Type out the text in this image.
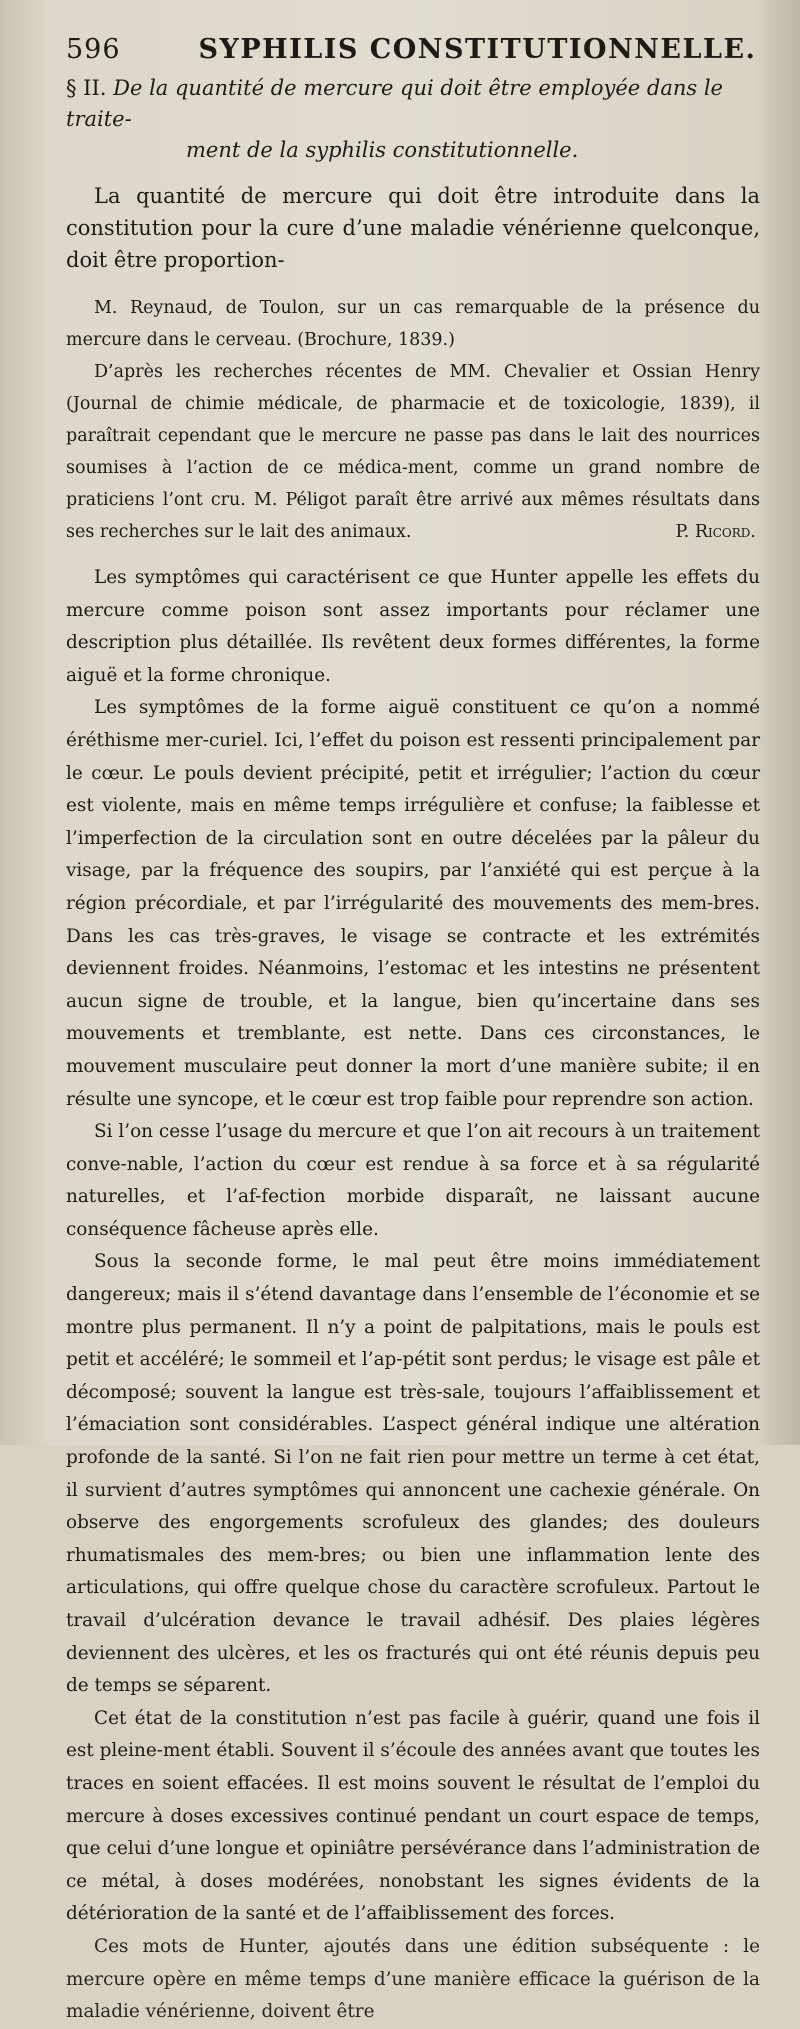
596	SYPHILIS CONSTITUTIONNELLE.
§ II. De la quantité de mercure qui doit être employée dans le traite-
ment de la syphilis constitutionnelle.

La quantité de mercure qui doit être introduite dans la constitution pour la cure d’une maladie vénérienne quelconque, doit être proportion-

M. Reynaud, de Toulon, sur un cas remarquable de la présence du mercure dans le cerveau. (Brochure, 1839.)

D’après les recherches récentes de MM. Chevalier et Ossian Henry (Journal de chimie médicale, de pharmacie et de toxicologie, 1839), il paraîtrait cependant que le mercure ne passe pas dans le lait des nourrices soumises à l’action de ce médica-ment, comme un grand nombre de praticiens l’ont cru. M. Péligot paraît être arrivé aux mêmes résultats dans ses recherches sur le lait des animaux.	P. Ricord.

Les symptômes qui caractérisent ce que Hunter appelle les effets du mercure comme poison sont assez importants pour réclamer une description plus détaillée. Ils revêtent deux formes différentes, la forme aiguë et la forme chronique.

Les symptômes de la forme aiguë constituent ce qu’on a nommé éréthisme mer-curiel. Ici, l’effet du poison est ressenti principalement par le cœur. Le pouls devient précipité, petit et irrégulier; l’action du cœur est violente, mais en même temps irrégulière et confuse; la faiblesse et l’imperfection de la circulation sont en outre décelées par la pâleur du visage, par la fréquence des soupirs, par l’anxiété qui est perçue à la région précordiale, et par l’irrégularité des mouvements des mem-bres. Dans les cas très-graves, le visage se contracte et les extrémités deviennent froides. Néanmoins, l’estomac et les intestins ne présentent aucun signe de trouble, et la langue, bien qu’incertaine dans ses mouvements et tremblante, est nette. Dans ces circonstances, le mouvement musculaire peut donner la mort d’une manière subite; il en résulte une syncope, et le cœur est trop faible pour reprendre son action.

Si l’on cesse l’usage du mercure et que l’on ait recours à un traitement conve-nable, l’action du cœur est rendue à sa force et à sa régularité naturelles, et l’af-fection morbide disparaît, ne laissant aucune conséquence fâcheuse après elle.

Sous la seconde forme, le mal peut être moins immédiatement dangereux; mais il s’étend davantage dans l’ensemble de l’économie et se montre plus permanent. Il n’y a point de palpitations, mais le pouls est petit et accéléré; le sommeil et l’ap-pétit sont perdus; le visage est pâle et décomposé; souvent la langue est très-sale, toujours l’affaiblissement et l’émaciation sont considérables. L’aspect général indique une altération profonde de la santé. Si l’on ne fait rien pour mettre un terme à cet état, il survient d’autres symptômes qui annoncent une cachexie générale. On observe des engorgements scrofuleux des glandes; des douleurs rhumatismales des mem-bres; ou bien une inflammation lente des articulations, qui offre quelque chose du caractère scrofuleux. Partout le travail d’ulcération devance le travail adhésif. Des plaies légères deviennent des ulcères, et les os fracturés qui ont été réunis depuis peu de temps se séparent.

Cet état de la constitution n’est pas facile à guérir, quand une fois il est pleine-ment établi. Souvent il s’écoule des années avant que toutes les traces en soient effacées. Il est moins souvent le résultat de l’emploi du mercure à doses excessives continué pendant un court espace de temps, que celui d’une longue et opiniâtre persévérance dans l’administration de ce métal, à doses modérées, nonobstant les signes évidents de la détérioration de la santé et de l’affaiblissement des forces.

Ces mots de Hunter, ajoutés dans une édition subséquente : le mercure opère en même temps d’une manière efficace la guérison de la maladie vénérienne, doivent être
